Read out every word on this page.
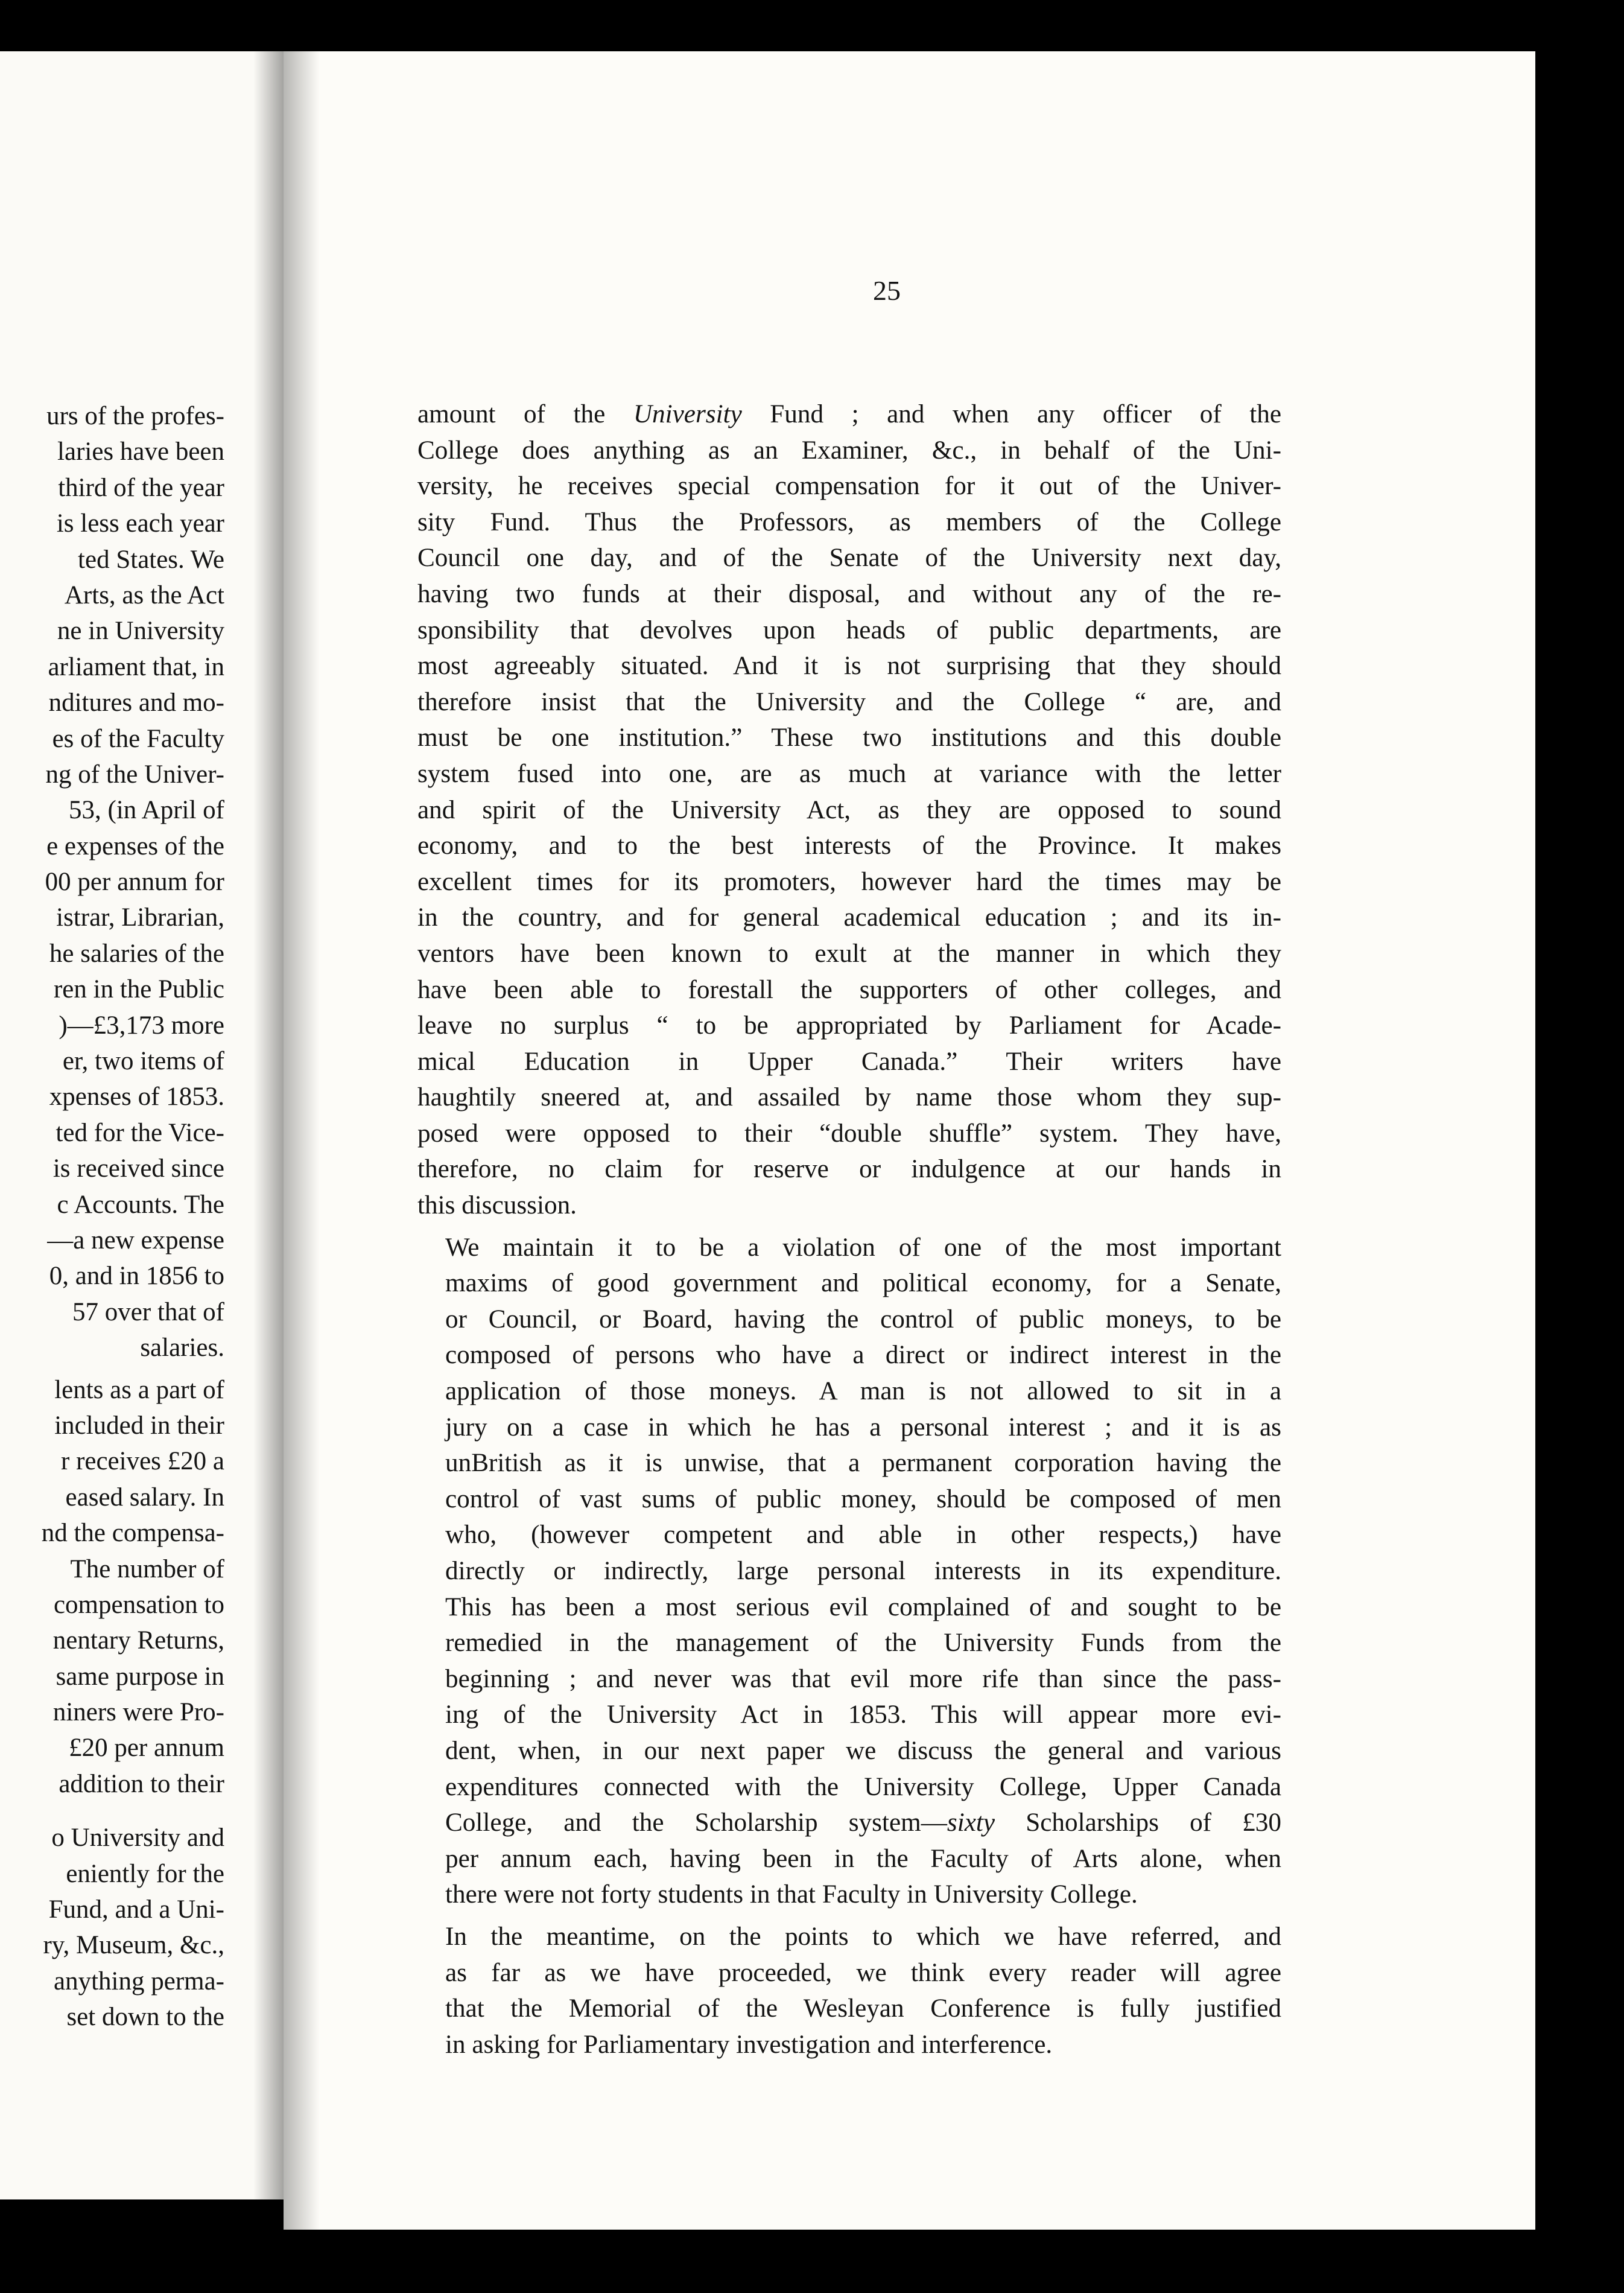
urs of the profes-
laries have been
third of the year
is less each year
ted States. We
Arts, as the Act
ne in University
arliament that, in
nditures and mo-
es of the Faculty
ng of the Univer-
53, (in April of
e expenses of the
00 per annum for
istrar, Librarian,
he salaries of the
ren in the Public
)—£3,173 more
er, two items of
xpenses of 1853.
ted for the Vice-
is received since
c Accounts. The
—a new expense
0, and in 1856 to
57 over that of
salaries.
lents as a part of
included in their
r receives £20 a
eased salary. In
nd the compensa-
The number of
compensation to
nentary Returns,
same purpose in
niners were Pro-
£20 per annum
addition to their
o University and
eniently for the
Fund, and a Uni-
ry, Museum, &c.,
anything perma-
set down to the
25

amount of the University Fund ; and when any officer of the
College does anything as an Examiner, &c., in behalf of the Uni-
versity, he receives special compensation for it out of the Univer-
sity Fund. Thus the Professors, as members of the College
Council one day, and of the Senate of the University next day,
having two funds at their disposal, and without any of the re-
sponsibility that devolves upon heads of public departments, are
most agreeably situated. And it is not surprising that they should
therefore insist that the University and the College “ are, and
must be one institution.” These two institutions and this double
system fused into one, are as much at variance with the letter
and spirit of the University Act, as they are opposed to sound
economy, and to the best interests of the Province. It makes
excellent times for its promoters, however hard the times may be
in the country, and for general academical education ; and its in-
ventors have been known to exult at the manner in which they
have been able to forestall the supporters of other colleges, and
leave no surplus “ to be appropriated by Parliament for Acade-
mical Education in Upper Canada.” Their writers have
haughtily sneered at, and assailed by name those whom they sup-
posed were opposed to their “double shuffle” system. They have,
therefore, no claim for reserve or indulgence at our hands in
this discussion.

We maintain it to be a violation of one of the most important
maxims of good government and political economy, for a Senate,
or Council, or Board, having the control of public moneys, to be
composed of persons who have a direct or indirect interest in the
application of those moneys. A man is not allowed to sit in a
jury on a case in which he has a personal interest ; and it is as
unBritish as it is unwise, that a permanent corporation having the
control of vast sums of public money, should be composed of men
who, (however competent and able in other respects,) have
directly or indirectly, large personal interests in its expenditure.
This has been a most serious evil complained of and sought to be
remedied in the management of the University Funds from the
beginning ; and never was that evil more rife than since the pass-
ing of the University Act in 1853. This will appear more evi-
dent, when, in our next paper we discuss the general and various
expenditures connected with the University College, Upper Canada
College, and the Scholarship system—sixty Scholarships of £30
per annum each, having been in the Faculty of Arts alone, when
there were not forty students in that Faculty in University College.

In the meantime, on the points to which we have referred, and
as far as we have proceeded, we think every reader will agree
that the Memorial of the Wesleyan Conference is fully justified
in asking for Parliamentary investigation and interference.
